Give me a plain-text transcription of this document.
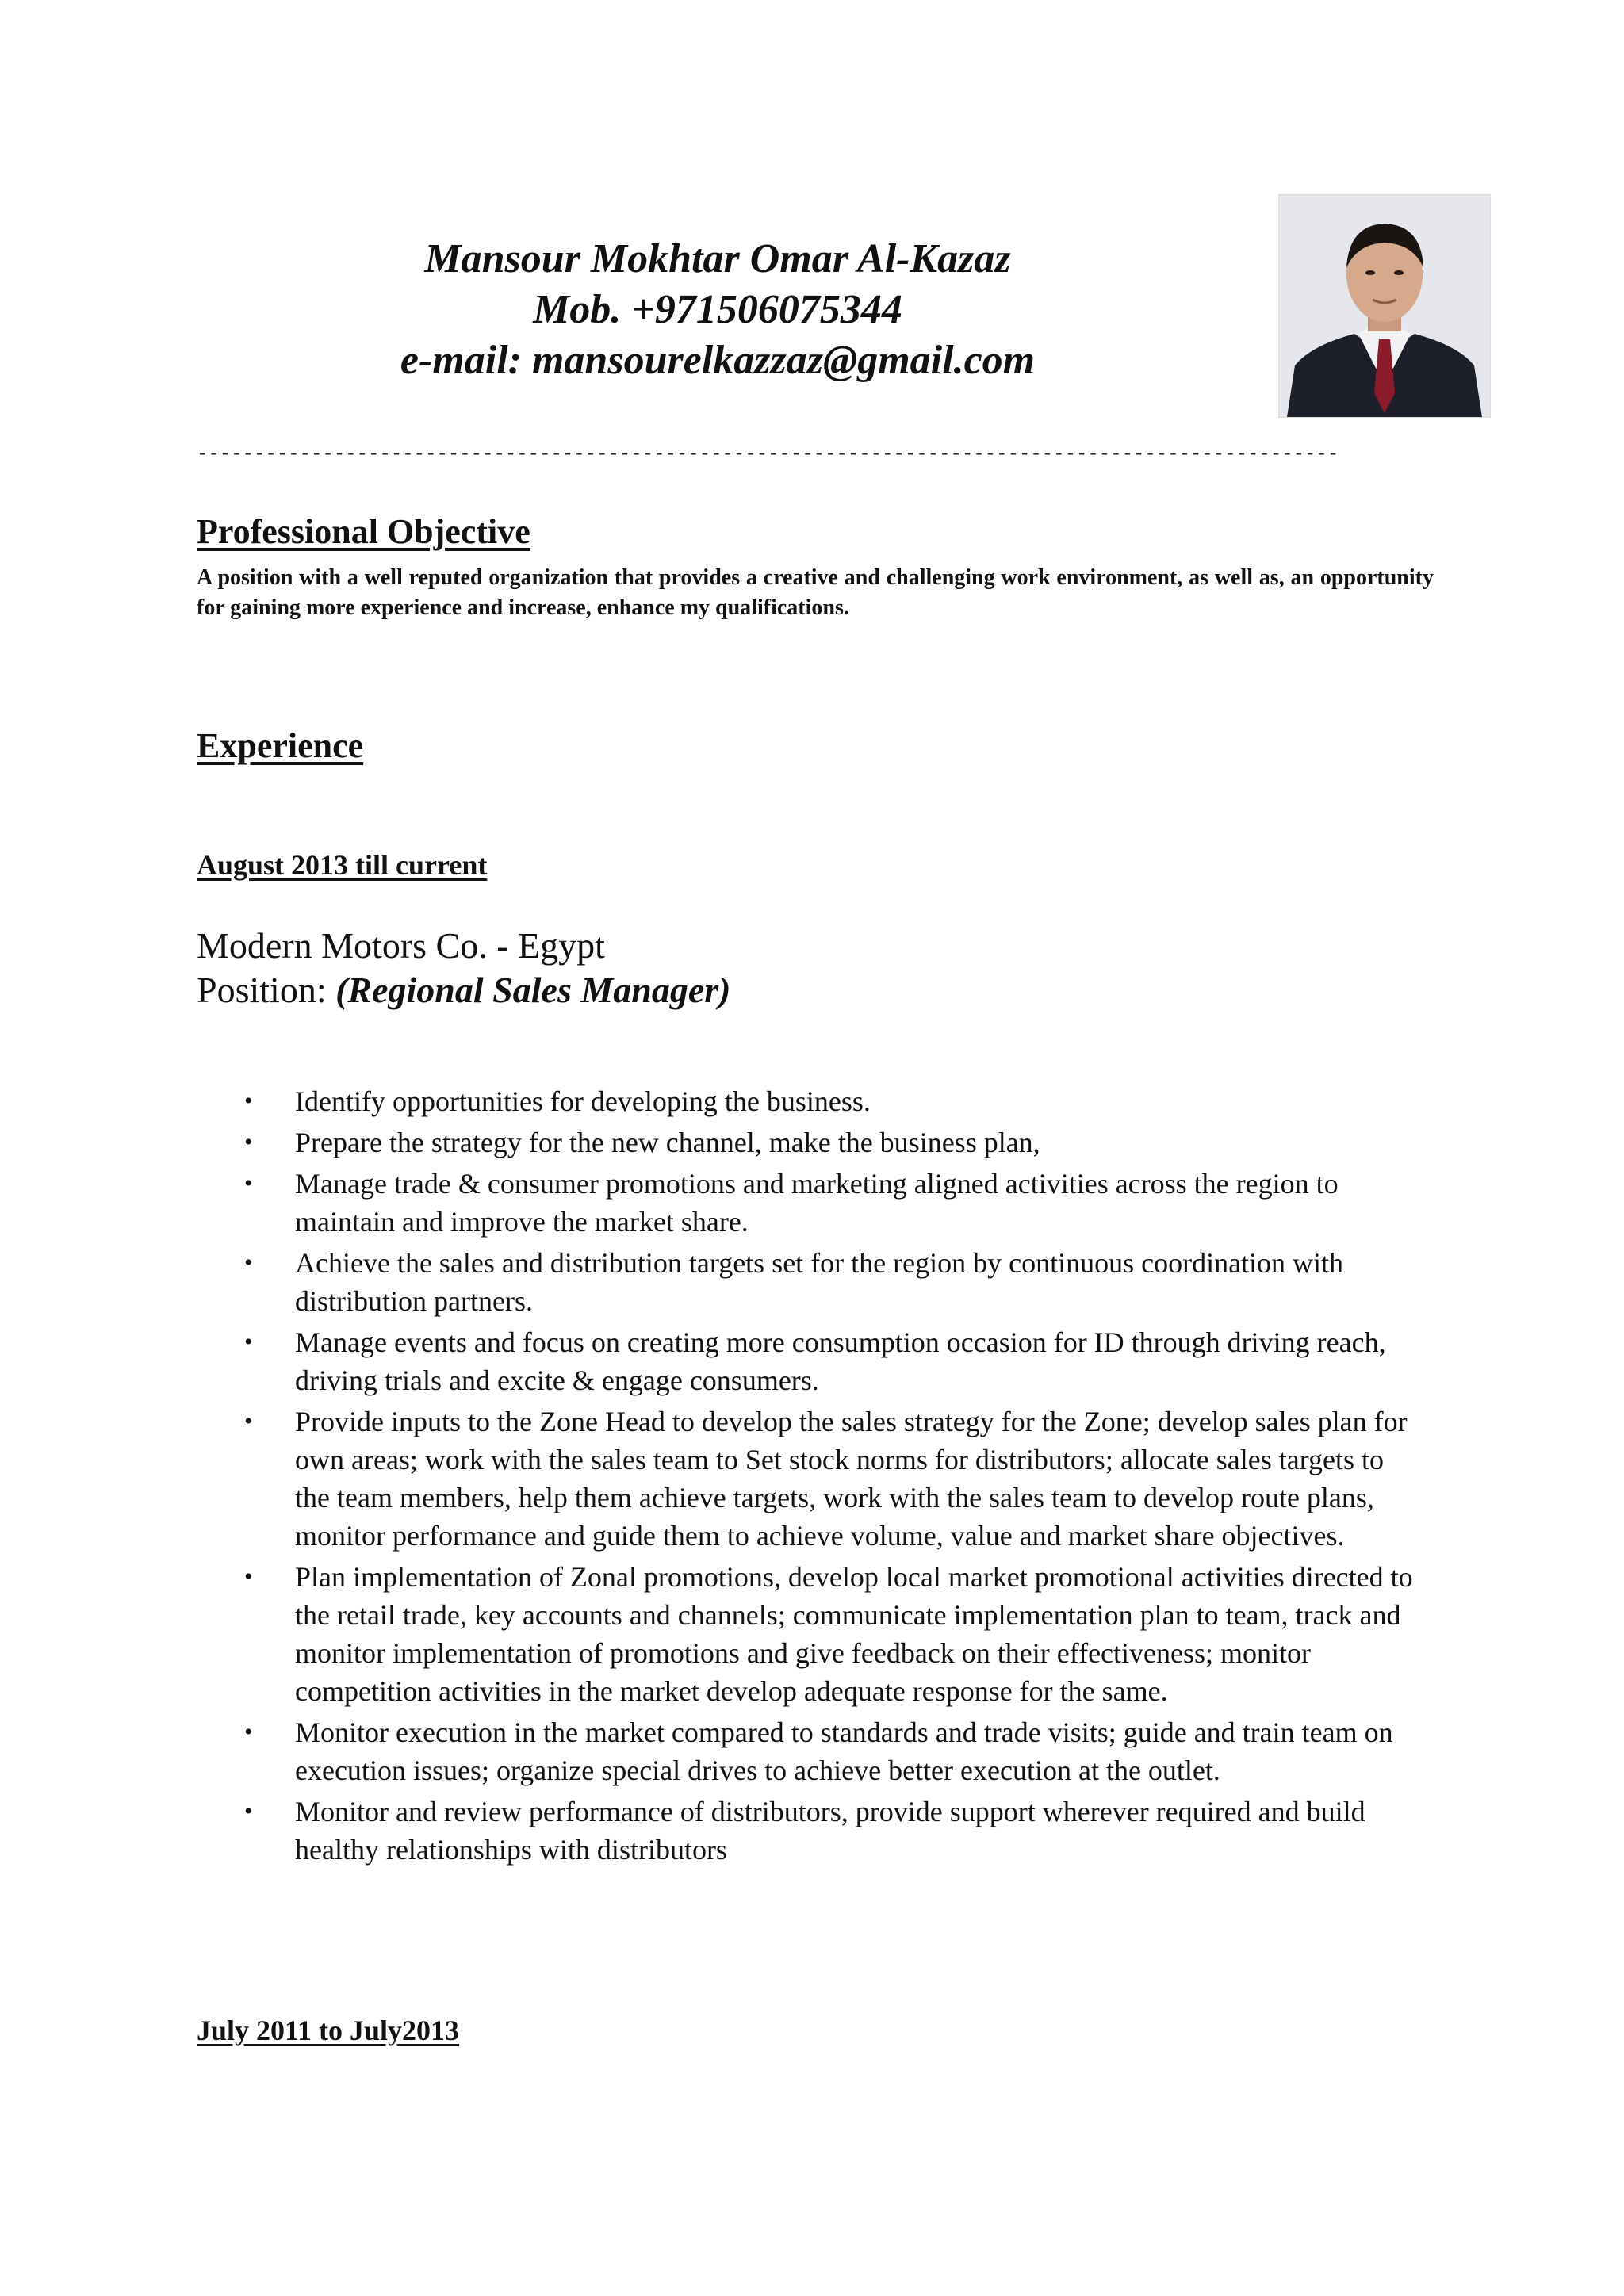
Mansour Mokhtar Omar Al-Kazaz
Mob. +971506075344
e-mail: mansourelkazzaz@gmail.com
----------------------------------------------------------------------------------------------------
Professional Objective
A position with a well reputed organization that provides a creative and challenging work environment, as well as, an opportunity for gaining more experience and increase, enhance my qualifications.
Experience
August 2013 till current
Modern Motors Co. - Egypt
Position: (Regional Sales Manager)
• Identify opportunities for developing the business.
• Prepare the strategy for the new channel, make the business plan,
• Manage trade & consumer promotions and marketing aligned activities across the region to maintain and improve the market share.
• Achieve the sales and distribution targets set for the region by continuous coordination with distribution partners.
• Manage events and focus on creating more consumption occasion for ID through driving reach, driving trials and excite & engage consumers.
• Provide inputs to the Zone Head to develop the sales strategy for the Zone; develop sales plan for own areas; work with the sales team to Set stock norms for distributors; allocate sales targets to the team members, help them achieve targets, work with the sales team to develop route plans, monitor performance and guide them to achieve volume, value and market share objectives.
• Plan implementation of Zonal promotions, develop local market promotional activities directed to the retail trade, key accounts and channels; communicate implementation plan to team, track and monitor implementation of promotions and give feedback on their effectiveness; monitor competition activities in the market develop adequate response for the same.
• Monitor execution in the market compared to standards and trade visits; guide and train team on execution issues; organize special drives to achieve better execution at the outlet.
• Monitor and review performance of distributors, provide support wherever required and build healthy relationships with distributors
July 2011 to July2013
